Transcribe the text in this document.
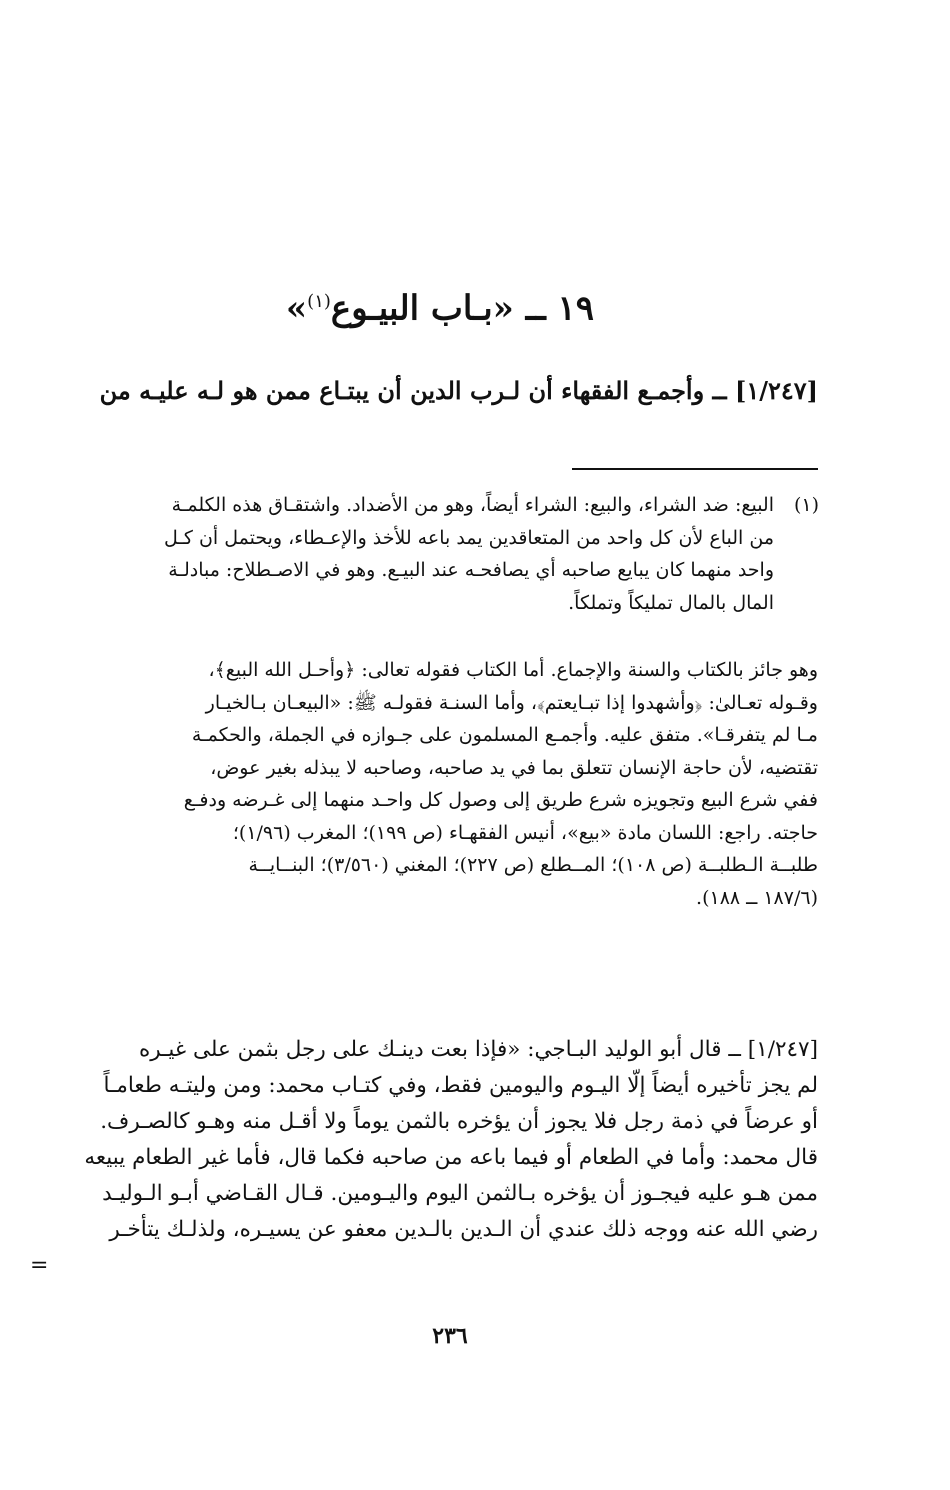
١٩ ــ «بـاب البيـوع$^{(١)}$»
[١/٢٤٧] ــ وأجمـع الفقهاء أن لـرب الدين أن يبتـاع ممن هو لـه عليـه من
(١)
البيع: ضد الشراء، والبيع: الشراء أيضاً، وهو من الأضداد. واشتقـاق هذه الكلمـة
من الباع لأن كل واحد من المتعاقدين يمد باعه للأخذ والإعـطاء، ويحتمل أن كـل
واحد منهما كان يبايع صاحبه أي يصافحـه عند البيـع. وهو في الاصـطلاح: مبادلـة
المال بالمال تمليكاً وتملكاً.
وهو جائز بالكتاب والسنة والإجماع. أما الكتاب فقوله تعالى: ﴿وأحـل الله البيع﴾،
وقـوله تعـالىٰ: ﴿وأشهدوا إذا تبـايعتم﴾، وأما السنـة فقولـه ﷺ: «البيعـان بـالخيـار
مـا لم يتفرقـا». متفق عليه. وأجمـع المسلمون على جـوازه في الجملة، والحكمـة
تقتضيه، لأن حاجة الإنسان تتعلق بما في يد صاحبه، وصاحبه لا يبذله بغير عوض،
ففي شرع البيع وتجويزه شرع طريق إلى وصول كل واحـد منهما إلى غـرضه ودفـع
حاجته. راجع: اللسان مادة «بيع»، أنيس الفقهـاء (ص ١٩٩)؛ المغرب (١/٩٦)؛
طلبــة الـطلبــة (ص ١٠٨)؛ المــطلع (ص ٢٢٧)؛ المغني (٣/٥٦٠)؛ البنــايــة
(١٨٧/٦ ــ ١٨٨).
[١/٢٤٧] ــ قال أبو الوليد البـاجي: «فإذا بعت دينـك على رجل بثمن على غيـره
لم يجز تأخيره أيضاً إلّا اليـوم واليومين فقط، وفي كتـاب محمد: ومن وليتـه طعامـاً
أو عرضاً في ذمة رجل فلا يجوز أن يؤخره بالثمن يوماً ولا أقـل منه وهـو كالصـرف.
قال محمد: وأما في الطعام أو فيما باعه من صاحبه فكما قال، فأما غير الطعام يبيعه
ممن هـو عليه فيجـوز أن يؤخره بـالثمن اليوم واليـومين. قـال القـاضي أبـو الـوليـد
رضي الله عنه ووجه ذلك عندي أن الـدين بالـدين معفو عن يسيـره، ولذلـك يتأخـر
=
٢٣٦
